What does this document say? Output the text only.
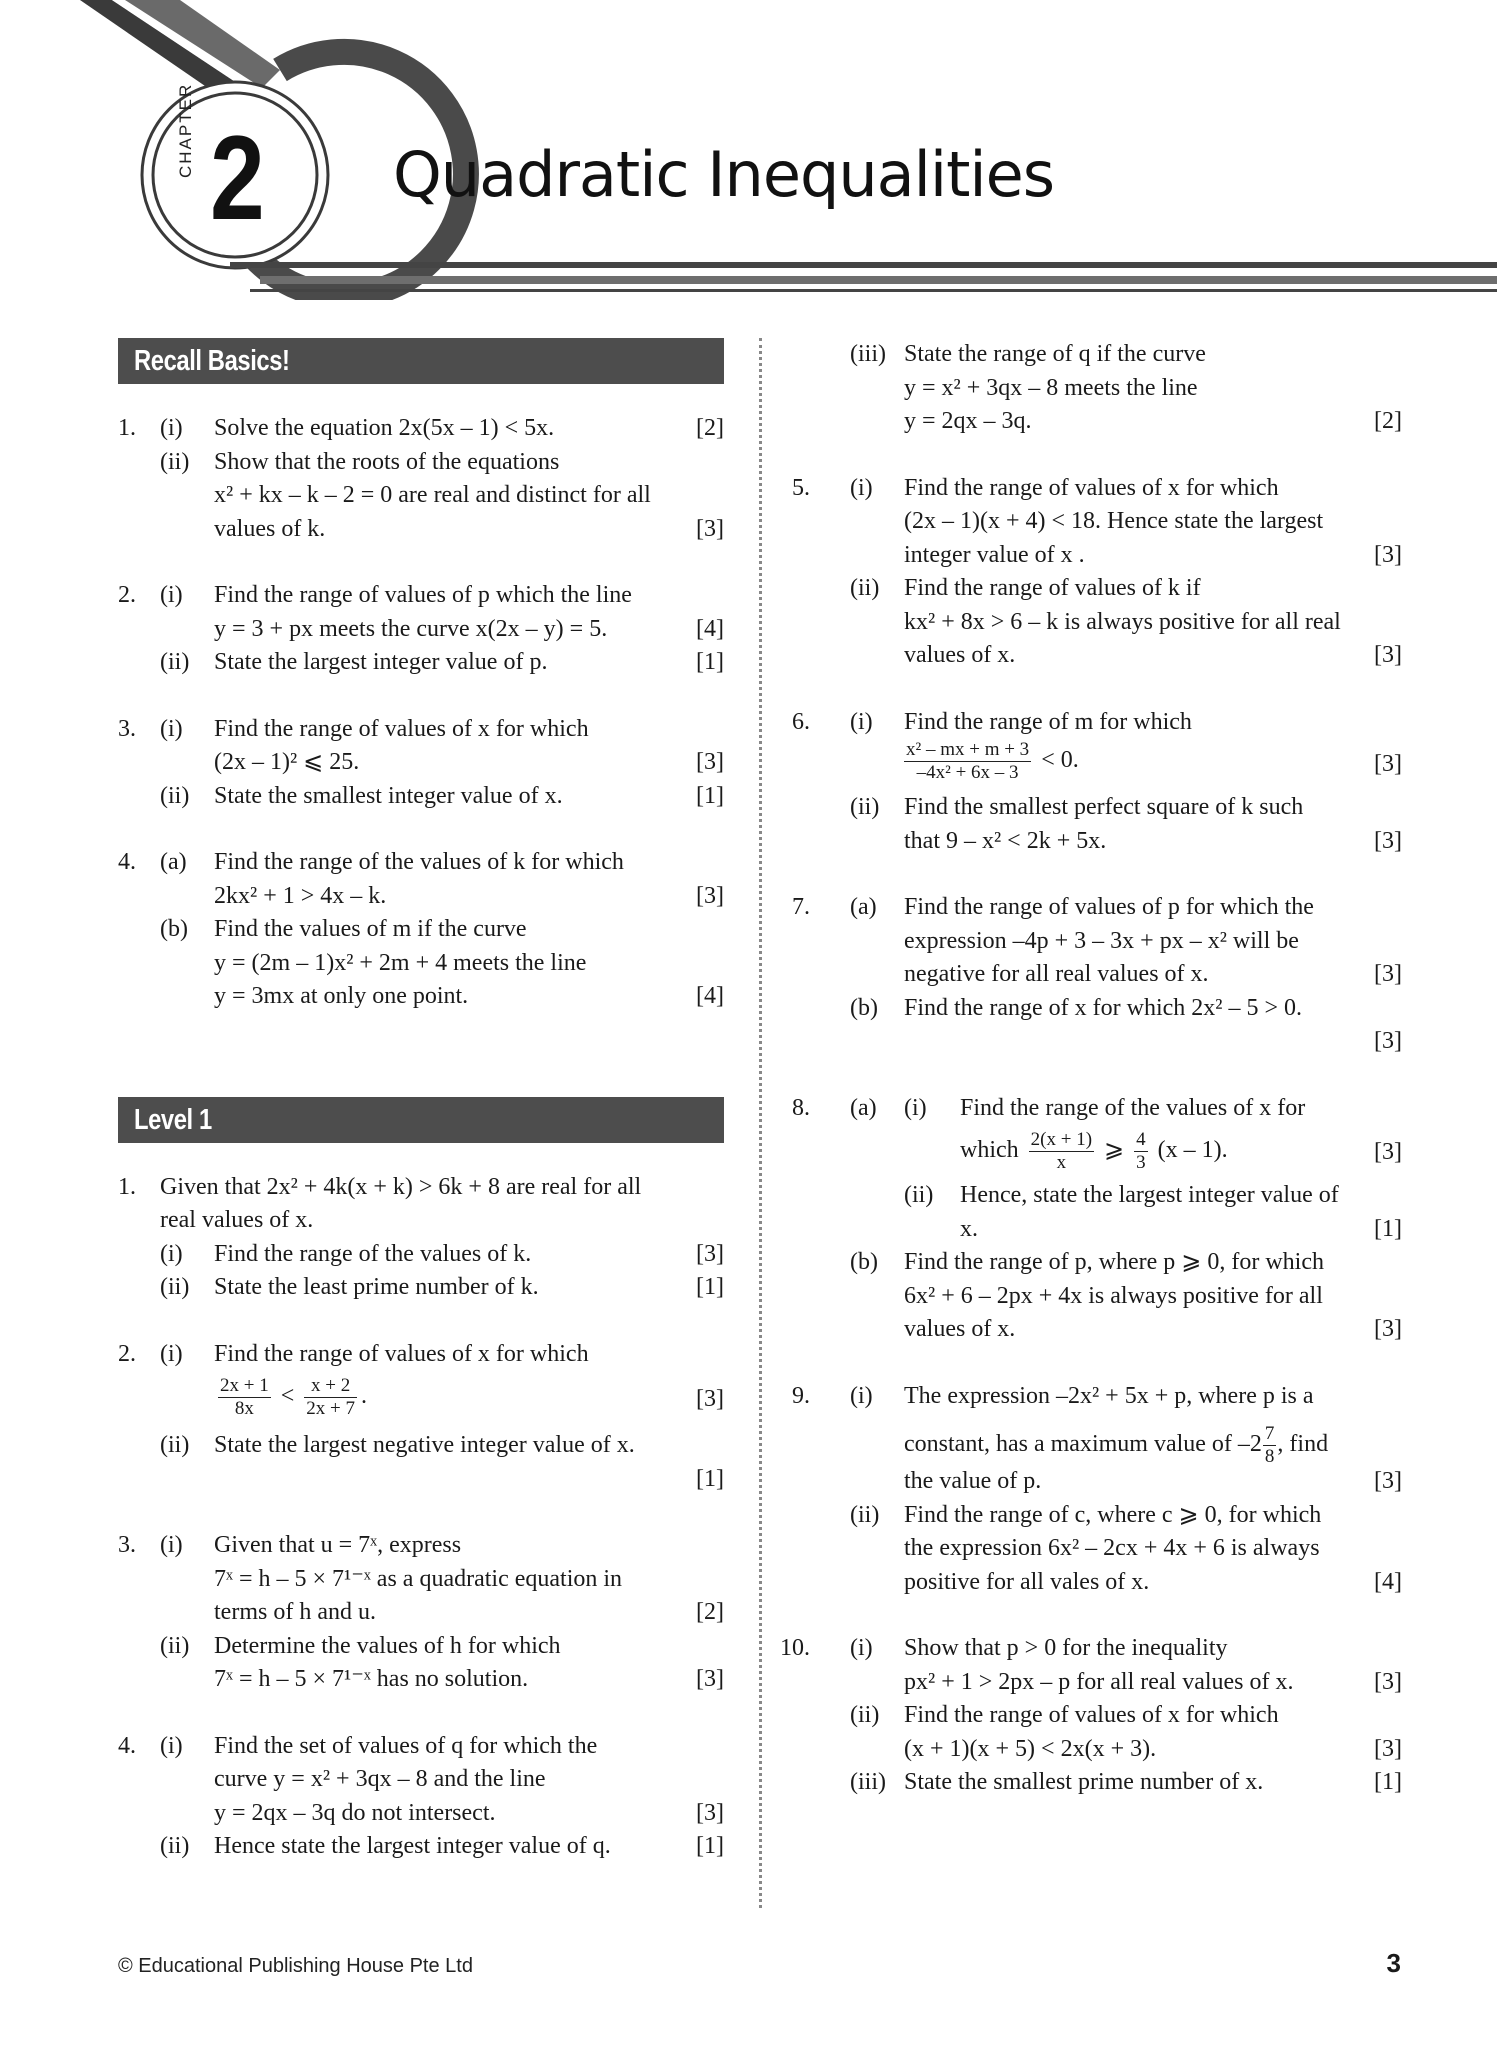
CHAPTER 2 Quadratic Inequalities
Recall Basics!
1. (i) Solve the equation 2x(5x – 1) < 5x.	[2]
(ii) Show that the roots of the equations
x² + kx – k – 2 = 0 are real and distinct for all
values of k.	[3]
2. (i) Find the range of values of p which the line
y = 3 + px meets the curve x(2x – y) = 5.	[4]
(ii) State the largest integer value of p.	[1]
3. (i) Find the range of values of x for which
(2x – 1)² ⩽ 25.	[3]
(ii) State the smallest integer value of x.	[1]
4. (a) Find the range of the values of k for which
2kx² + 1 > 4x – k.	[3]
(b) Find the values of m if the curve
y = (2m – 1)x² + 2m + 4 meets the line
y = 3mx at only one point.	[4]
Level 1
1. Given that 2x² + 4k(x + k) > 6k + 8 are real for all
real values of x.
(i) Find the range of the values of k.	[3]
(ii) State the least prime number of k.	[1]
2. (i) Find the range of values of x for which
$\frac{2x + 1}{8x} < \frac{x + 2}{2x + 7}$ .	[3]
(ii) State the largest negative integer value of x.
[1]
3. (i) Given that u = 7ˣ, express
7ˣ = h – 5 × 7¹⁻ˣ as a quadratic equation in
terms of h and u.	[2]
(ii) Determine the values of h for which
7ˣ = h – 5 × 7¹⁻ˣ has no solution.	[3]
4. (i) Find the set of values of q for which the
curve y = x² + 3qx – 8 and the line
y = 2qx – 3q do not intersect.	[3]
(ii) Hence state the largest integer value of q.	[1]
(iii) State the range of q if the curve
y = x² + 3qx – 8 meets the line
y = 2qx – 3q.	[2]
5. (i) Find the range of values of x for which
(2x – 1)(x + 4) < 18. Hence state the largest
integer value of x .	[3]
(ii) Find the range of values of k if
kx² + 8x > 6 – k is always positive for all real
values of x.	[3]
6. (i) Find the range of m for which
$\frac{\text{x² – mx + m + 3}}{\text{–4x² + 6x – 3}} < 0$.	[3]
(ii) Find the smallest perfect square of k such
that 9 – x² < 2k + 5x.	[3]
7. (a) Find the range of values of p for which the
expression –4p + 3 – 3x + px – x² will be
negative for all real values of x.	[3]
(b) Find the range of x for which 2x² – 5 > 0.
[3]
8. (a) (i)	Find the range of the values of x for
which $\frac{2(x + 1)}{x}$ ⩾ $\frac{4}{3} (x - 1)$.	[3]
(ii)	Hence, state the largest integer value of
x.	[1]
(b) Find the range of p, where p ⩾ 0, for which
6x² + 6 – 2px + 4x is always positive for all
values of x.	[3]
9. (i) The expression –2x² + 5x + p, where p is a
constant, has a maximum value of $-2 \frac{7}{8}$ , find
the value of p.	[3]
(ii) Find the range of c, where c ⩾ 0, for which
the expression 6x² – 2cx + 4x + 6 is always
positive for all vales of x.	[4]
10. (i) Show that p > 0 for the inequality
px² + 1 > 2px – p for all real values of x.	[3]
(ii) Find the range of values of x for which
(x + 1)(x + 5) < 2x(x + 3).	[3]
(iii) State the smallest prime number of x.	[1]
© Educational Publishing House Pte Ltd	3
